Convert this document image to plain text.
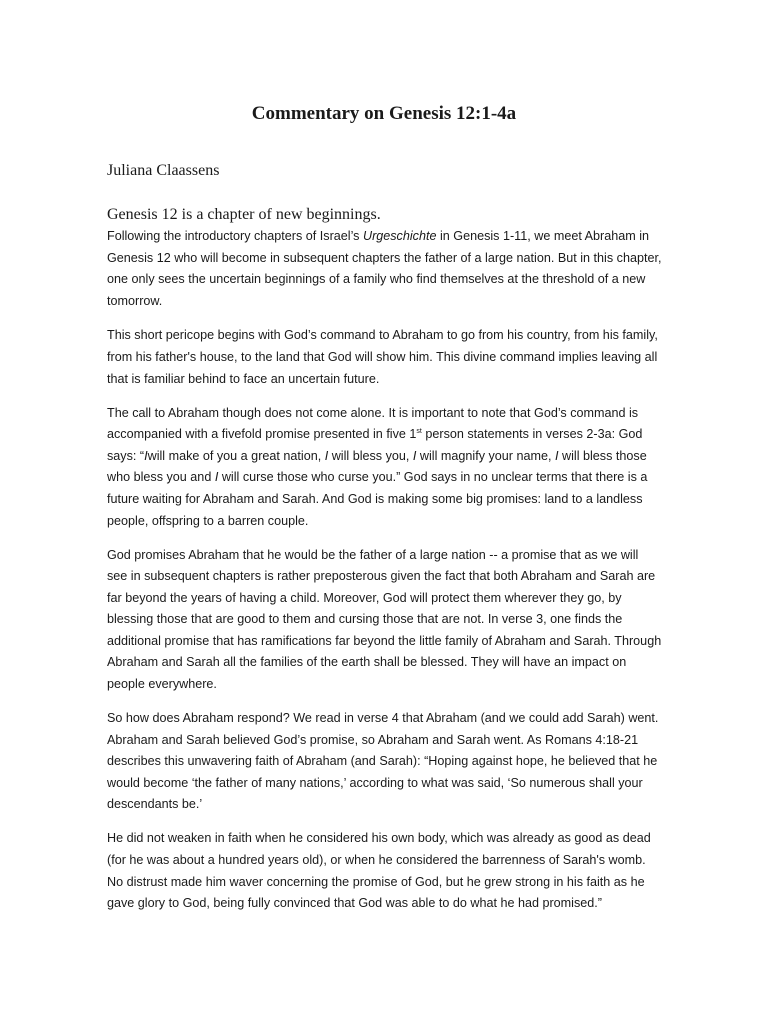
Commentary on Genesis 12:1-4a

Juliana Claassens

Genesis 12 is a chapter of new beginnings.

Following the introductory chapters of Israel’s Urgeschichte in Genesis 1-11, we meet Abraham in Genesis 12 who will become in subsequent chapters the father of a large nation. But in this chapter, one only sees the uncertain beginnings of a family who find themselves at the threshold of a new tomorrow.

This short pericope begins with God’s command to Abraham to go from his country, from his family, from his father's house, to the land that God will show him. This divine command implies leaving all that is familiar behind to face an uncertain future.

The call to Abraham though does not come alone. It is important to note that God’s command is accompanied with a fivefold promise presented in five 1st person statements in verses 2-3a: God says: “Iwill make of you a great nation, I will bless you, I will magnify your name, I will bless those who bless you and I will curse those who curse you.” God says in no unclear terms that there is a future waiting for Abraham and Sarah. And God is making some big promises: land to a landless people, offspring to a barren couple.

God promises Abraham that he would be the father of a large nation -- a promise that as we will see in subsequent chapters is rather preposterous given the fact that both Abraham and Sarah are far beyond the years of having a child. Moreover, God will protect them wherever they go, by blessing those that are good to them and cursing those that are not. In verse 3, one finds the additional promise that has ramifications far beyond the little family of Abraham and Sarah. Through Abraham and Sarah all the families of the earth shall be blessed. They will have an impact on people everywhere.

So how does Abraham respond? We read in verse 4 that Abraham (and we could add Sarah) went. Abraham and Sarah believed God’s promise, so Abraham and Sarah went. As Romans 4:18-21 describes this unwavering faith of Abraham (and Sarah): “Hoping against hope, he believed that he would become ‘the father of many nations,’ according to what was said, ‘So numerous shall your descendants be.’

He did not weaken in faith when he considered his own body, which was already as good as dead (for he was about a hundred years old), or when he considered the barrenness of Sarah's womb. No distrust made him waver concerning the promise of God, but he grew strong in his faith as he gave glory to God, being fully convinced that God was able to do what he had promised.”
